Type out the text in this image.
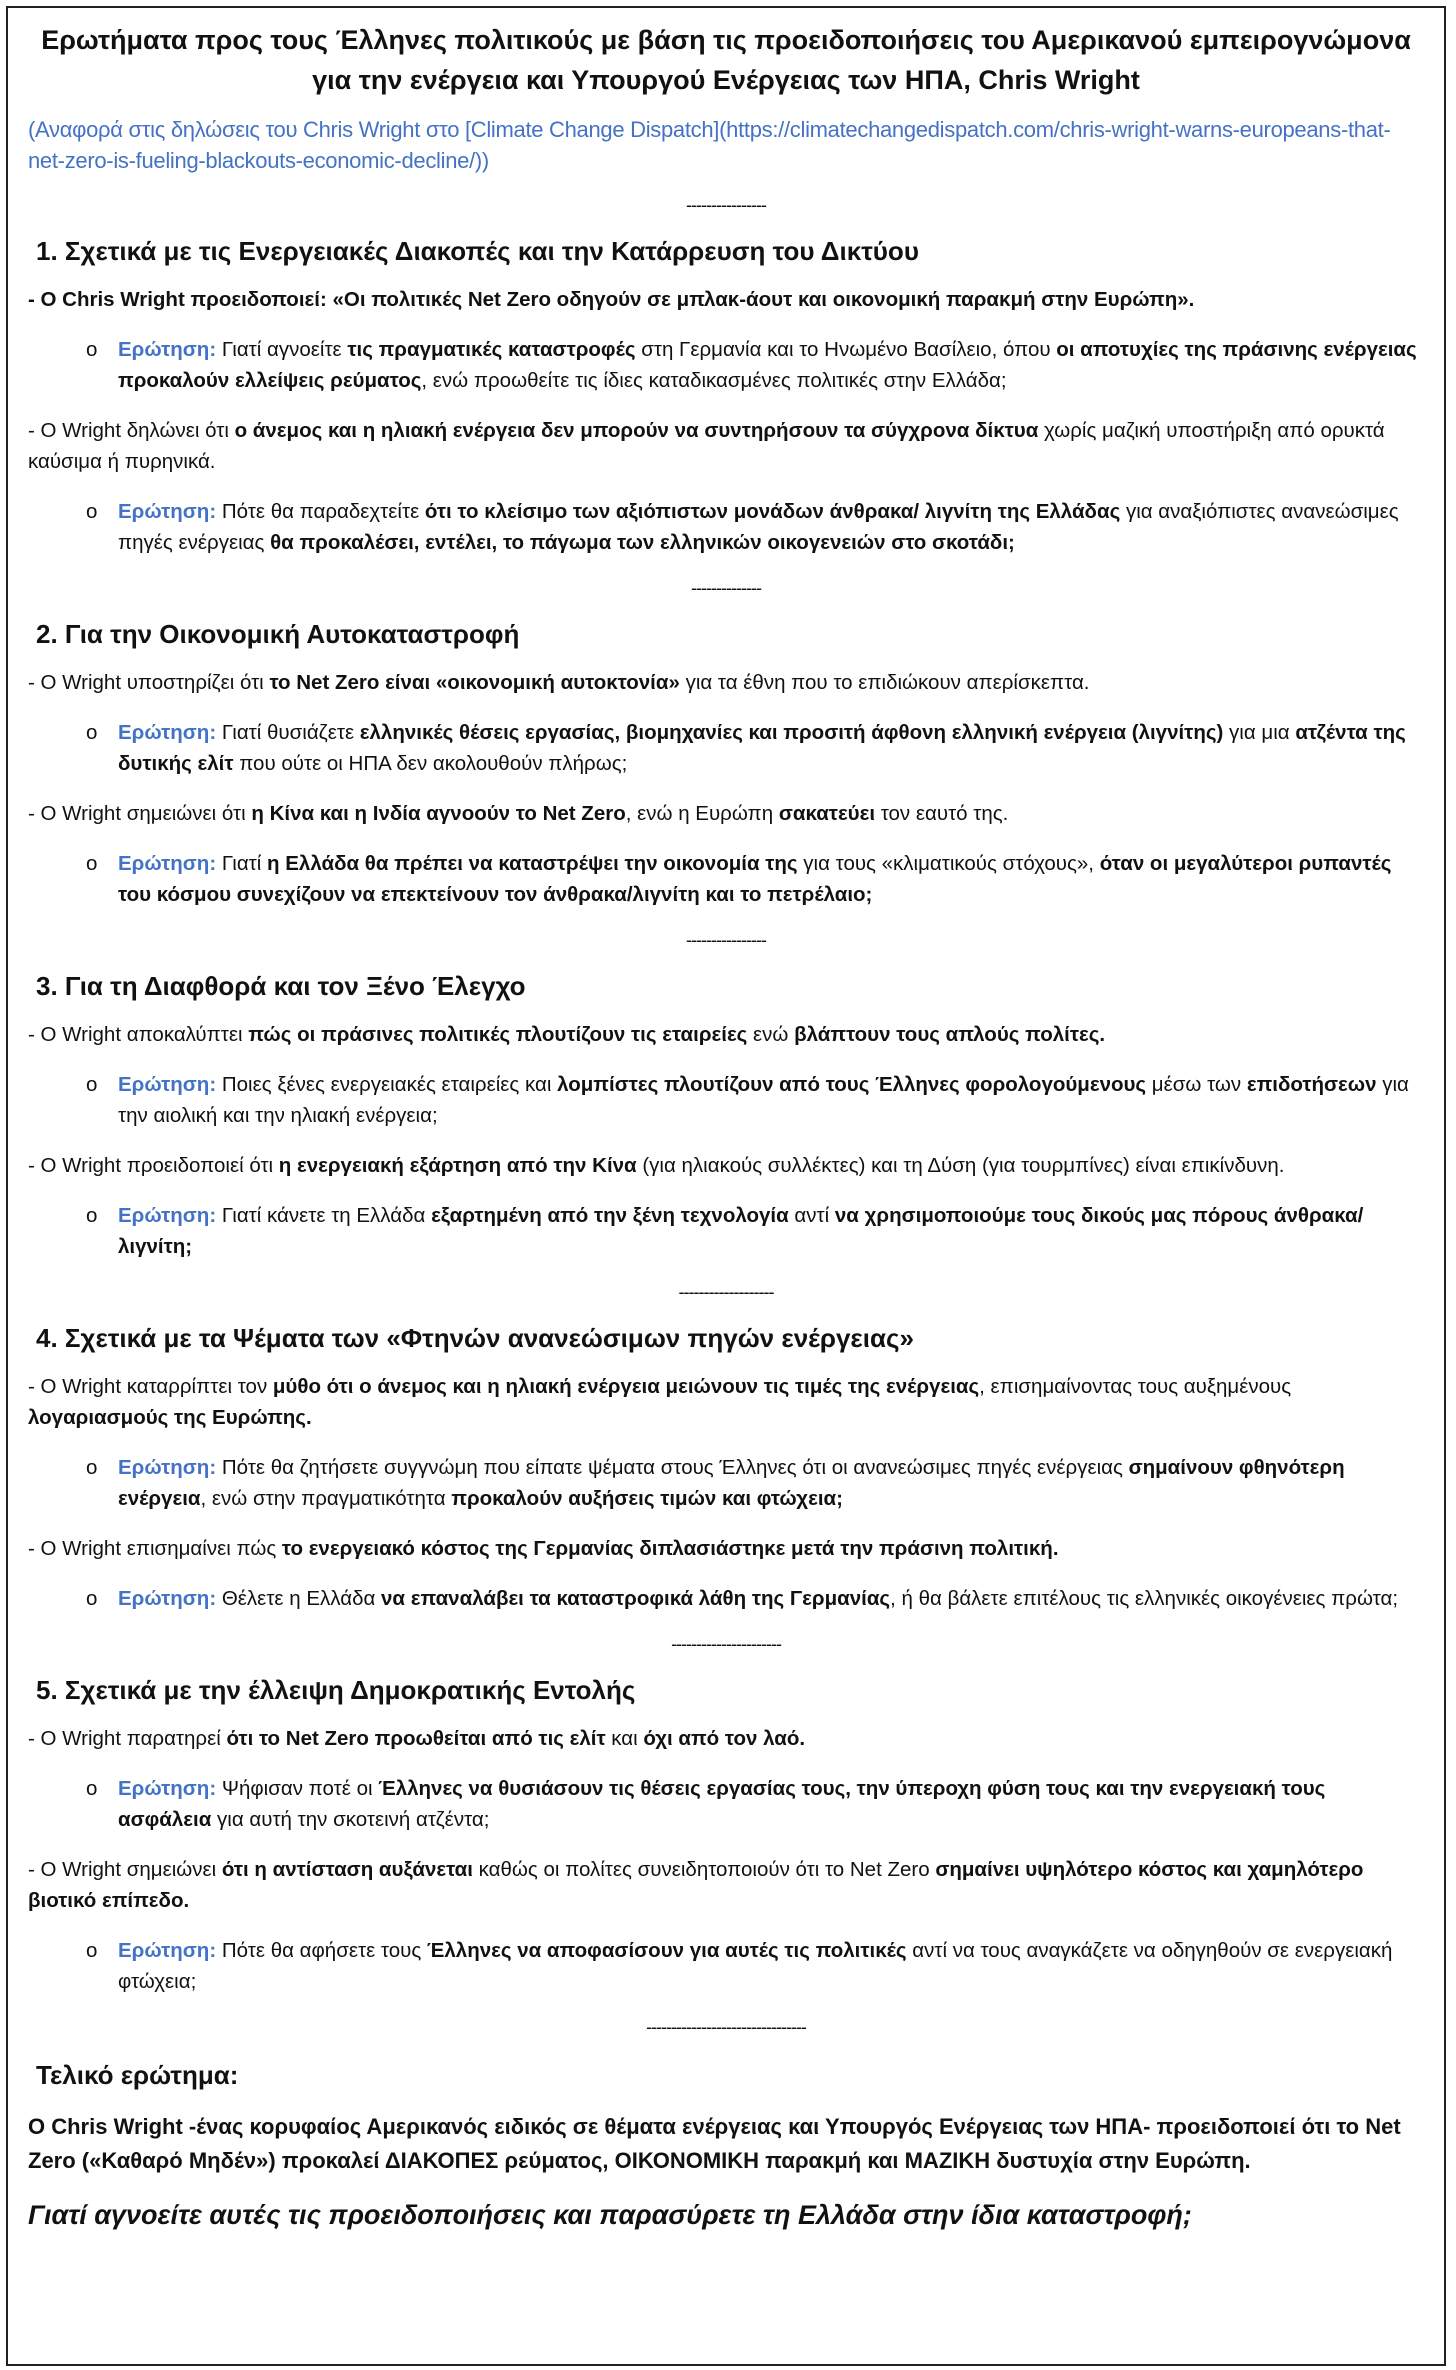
Ερωτήματα προς τους Έλληνες πολιτικούς με βάση τις προειδοποιήσεις του Αμερικανού εμπειρογνώμονα για την ενέργεια και Υπουργού Ενέργειας των ΗΠΑ, Chris Wright
(Αναφορά στις δηλώσεις του Chris Wright στο [Climate Change Dispatch](https://climatechangedispatch.com/chris-wright-warns-europeans-that-net-zero-is-fueling-blackouts-economic-decline/))
----------------
1. Σχετικά με τις Ενεργειακές Διακοπές και την Κατάρρευση του Δικτύου
- Ο Chris Wright προειδοποιεί: «Οι πολιτικές Net Zero οδηγούν σε μπλακ-άουτ και οικονομική παρακμή στην Ευρώπη».
o Ερώτηση: Γιατί αγνοείτε τις πραγματικές καταστροφές στη Γερμανία και το Ηνωμένο Βασίλειο, όπου οι αποτυχίες της πράσινης ενέργειας προκαλούν ελλείψεις ρεύματος, ενώ προωθείτε τις ίδιες καταδικασμένες πολιτικές στην Ελλάδα;
- Ο Wright δηλώνει ότι ο άνεμος και η ηλιακή ενέργεια δεν μπορούν να συντηρήσουν τα σύγχρονα δίκτυα χωρίς μαζική υποστήριξη από ορυκτά καύσιμα ή πυρηνικά.
o Ερώτηση: Πότε θα παραδεχτείτε ότι το κλείσιμο των αξιόπιστων μονάδων άνθρακα/ λιγνίτη της Ελλάδας για αναξιόπιστες ανανεώσιμες πηγές ενέργειας θα προκαλέσει, εντέλει, το πάγωμα των ελληνικών οικογενειών στο σκοτάδι;
--------------
2. Για την Οικονομική Αυτοκαταστροφή
- Ο Wright υποστηρίζει ότι το Net Zero είναι «οικονομική αυτοκτονία» για τα έθνη που το επιδιώκουν απερίσκεπτα.
o Ερώτηση: Γιατί θυσιάζετε ελληνικές θέσεις εργασίας, βιομηχανίες και προσιτή άφθονη ελληνική ενέργεια (λιγνίτης) για μια ατζέντα της δυτικής ελίτ που ούτε οι ΗΠΑ δεν ακολουθούν πλήρως;
- Ο Wright σημειώνει ότι η Κίνα και η Ινδία αγνοούν το Net Zero, ενώ η Ευρώπη σακατεύει τον εαυτό της.
o Ερώτηση: Γιατί η Ελλάδα θα πρέπει να καταστρέψει την οικονομία της για τους «κλιματικούς στόχους», όταν οι μεγαλύτεροι ρυπαντές του κόσμου συνεχίζουν να επεκτείνουν τον άνθρακα/λιγνίτη και το πετρέλαιο;
----------------
3. Για τη Διαφθορά και τον Ξένο Έλεγχο
- Ο Wright αποκαλύπτει πώς οι πράσινες πολιτικές πλουτίζουν τις εταιρείες ενώ βλάπτουν τους απλούς πολίτες.
o Ερώτηση: Ποιες ξένες ενεργειακές εταιρείες και λομπίστες πλουτίζουν από τους Έλληνες φορολογούμενους μέσω των επιδοτήσεων για την αιολική και την ηλιακή ενέργεια;
- Ο Wright προειδοποιεί ότι η ενεργειακή εξάρτηση από την Κίνα (για ηλιακούς συλλέκτες) και τη Δύση (για τουρμπίνες) είναι επικίνδυνη.
o Ερώτηση: Γιατί κάνετε τη Ελλάδα εξαρτημένη από την ξένη τεχνολογία αντί να χρησιμοποιούμε τους δικούς μας πόρους άνθρακα/ λιγνίτη;
-------------------
4. Σχετικά με τα Ψέματα των «Φτηνών ανανεώσιμων πηγών ενέργειας»
- Ο Wright καταρρίπτει τον μύθο ότι ο άνεμος και η ηλιακή ενέργεια μειώνουν τις τιμές της ενέργειας, επισημαίνοντας τους αυξημένους λογαριασμούς της Ευρώπης.
o Ερώτηση: Πότε θα ζητήσετε συγγνώμη που είπατε ψέματα στους Έλληνες ότι οι ανανεώσιμες πηγές ενέργειας σημαίνουν φθηνότερη ενέργεια, ενώ στην πραγματικότητα προκαλούν αυξήσεις τιμών και φτώχεια;
- Ο Wright επισημαίνει πώς το ενεργειακό κόστος της Γερμανίας διπλασιάστηκε μετά την πράσινη πολιτική.
o Ερώτηση: Θέλετε η Ελλάδα να επαναλάβει τα καταστροφικά λάθη της Γερμανίας, ή θα βάλετε επιτέλους τις ελληνικές οικογένειες πρώτα;
----------------------
5. Σχετικά με την έλλειψη Δημοκρατικής Εντολής
- Ο Wright παρατηρεί ότι το Net Zero προωθείται από τις ελίτ και όχι από τον λαό.
o Ερώτηση: Ψήφισαν ποτέ οι Έλληνες να θυσιάσουν τις θέσεις εργασίας τους, την ύπεροχη φύση τους και την ενεργειακή τους ασφάλεια για αυτή την σκοτεινή ατζέντα;
- Ο Wright σημειώνει ότι η αντίσταση αυξάνεται καθώς οι πολίτες συνειδητοποιούν ότι το Net Zero σημαίνει υψηλότερο κόστος και χαμηλότερο βιοτικό επίπεδο.
o Ερώτηση: Πότε θα αφήσετε τους Έλληνες να αποφασίσουν για αυτές τις πολιτικές αντί να τους αναγκάζετε να οδηγηθούν σε ενεργειακή φτώχεια;
--------------------------------
Τελικό ερώτημα:
Ο Chris Wright -ένας κορυφαίος Αμερικανός ειδικός σε θέματα ενέργειας και Υπουργός Ενέργειας των ΗΠΑ- προειδοποιεί ότι το Net Zero («Καθαρό Μηδέν») προκαλεί ΔΙΑΚΟΠΕΣ ρεύματος, ΟΙΚΟΝΟΜΙΚΗ παρακμή και ΜΑΖΙΚΗ δυστυχία στην Ευρώπη.
Γιατί αγνοείτε αυτές τις προειδοποιήσεις και παρασύρετε τη Ελλάδα στην ίδια καταστροφή;
